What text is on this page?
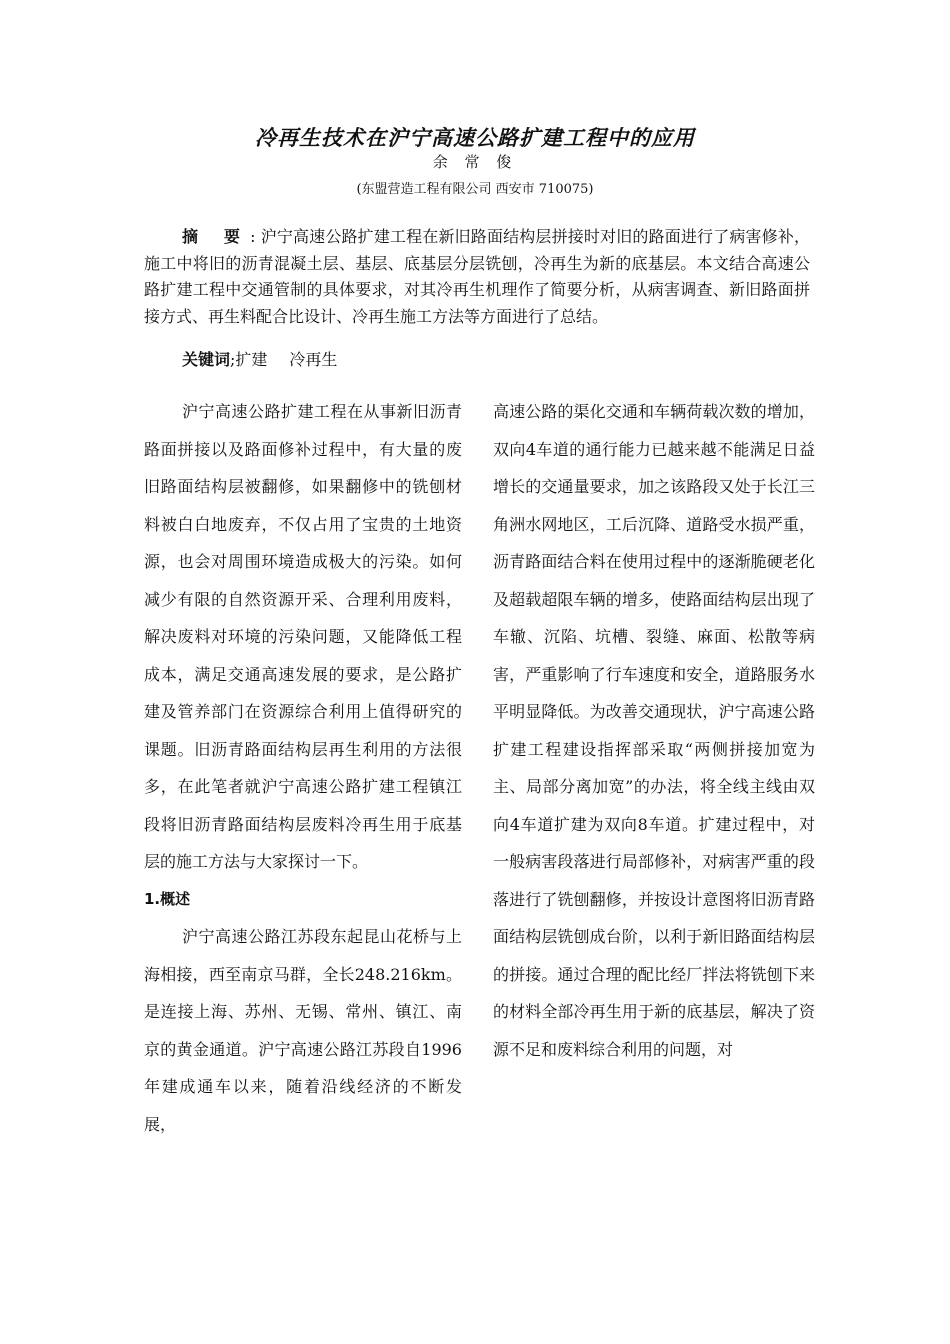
冷再生技术在沪宁高速公路扩建工程中的应用
余 常 俊
(东盟营造工程有限公司 西安市 710075)

摘 要: 沪宁高速公路扩建工程在新旧路面结构层拼接时对旧的路面进行了病害修补，施工中将旧的沥青混凝土层、基层、底基层分层铣刨，冷再生为新的底基层。本文结合高速公路扩建工程中交通管制的具体要求，对其冷再生机理作了简要分析，从病害调查、新旧路面拼接方式、再生料配合比设计、冷再生施工方法等方面进行了总结。

关键词;扩建 冷再生

沪宁高速公路扩建工程在从事新旧沥青路面拼接以及路面修补过程中，有大量的废旧路面结构层被翻修，如果翻修中的铣刨材料被白白地废弃，不仅占用了宝贵的土地资源，也会对周围环境造成极大的污染。如何减少有限的自然资源开采、合理利用废料，解决废料对环境的污染问题，又能降低工程成本，满足交通高速发展的要求，是公路扩建及管养部门在资源综合利用上值得研究的课题。旧沥青路面结构层再生利用的方法很多，在此笔者就沪宁高速公路扩建工程镇江段将旧沥青路面结构层废料冷再生用于底基层的施工方法与大家探讨一下。

1.概述

沪宁高速公路江苏段东起昆山花桥与上海相接，西至南京马群，全长248.216km。是连接上海、苏州、无锡、常州、镇江、南京的黄金通道。沪宁高速公路江苏段自1996年建成通车以来，随着沿线经济的不断发展，

高速公路的渠化交通和车辆荷载次数的增加，双向4车道的通行能力已越来越不能满足日益增长的交通量要求，加之该路段又处于长江三角洲水网地区，工后沉降、道路受水损严重，沥青路面结合料在使用过程中的逐渐脆硬老化及超载超限车辆的增多，使路面结构层出现了车辙、沉陷、坑槽、裂缝、麻面、松散等病害，严重影响了行车速度和安全，道路服务水平明显降低。为改善交通现状，沪宁高速公路扩建工程建设指挥部采取“两侧拼接加宽为主、局部分离加宽”的办法，将全线主线由双向4车道扩建为双向8车道。扩建过程中，对一般病害段落进行局部修补，对病害严重的段落进行了铣刨翻修，并按设计意图将旧沥青路面结构层铣刨成台阶，以利于新旧路面结构层的拼接。通过合理的配比经厂拌法将铣刨下来的材料全部冷再生用于新的底基层，解决了资源不足和废料综合利用的问题，对
